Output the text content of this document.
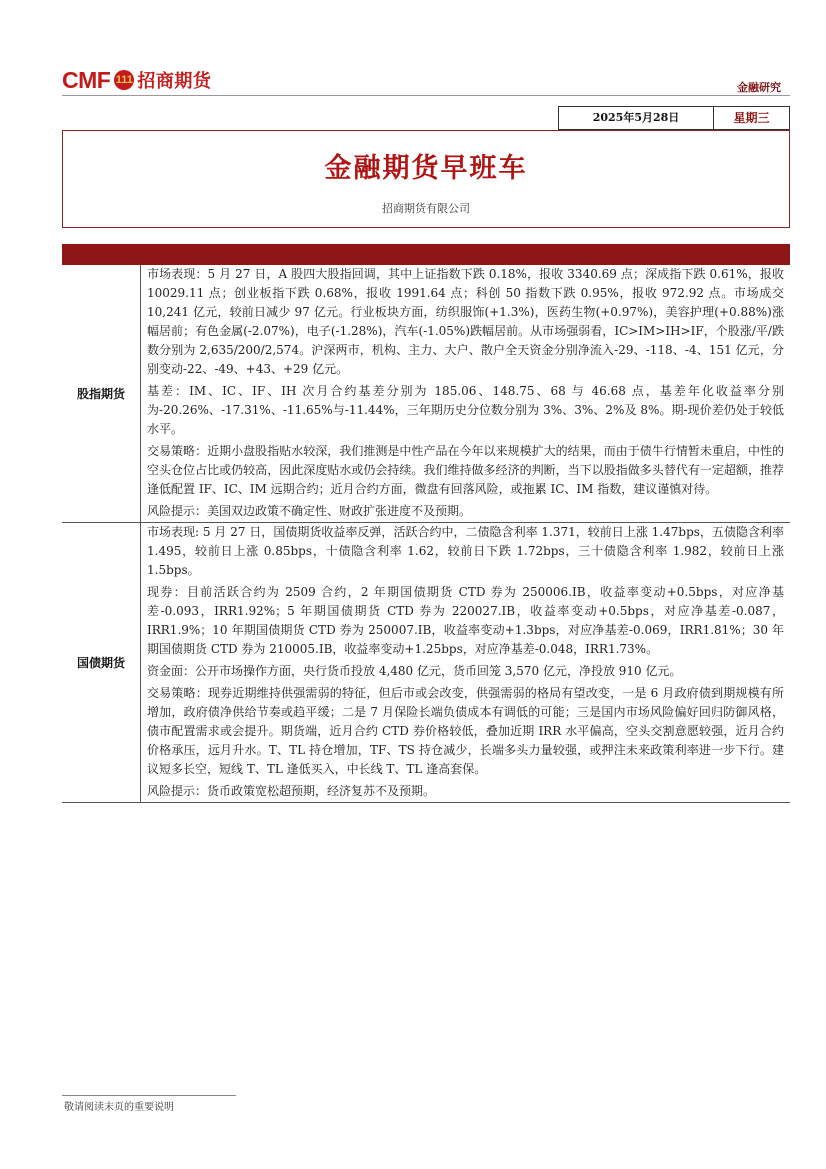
CMF 111 招商期货	金融研究
2025年5月28日	星期三
金融期货早班车
招商期货有限公司
股指期货

市场表现：5 月 27 日，A 股四大股指回调，其中上证指数下跌 0.18%，报收 3340.69 点；深成指下跌 0.61%，报收 10029.11 点；创业板指下跌 0.68%，报收 1991.64 点；科创 50 指数下跌 0.95%，报收 972.92 点。市场成交 10,241 亿元，较前日减少 97 亿元。行业板块方面，纺织服饰(+1.3%)，医药生物(+0.97%)，美容护理(+0.88%)涨幅居前；有色金属(-2.07%)，电子(-1.28%)，汽车(-1.05%)跌幅居前。从市场强弱看，IC>IM>IH>IF，个股涨/平/跌数分别为 2,635/200/2,574。沪深两市，机构、主力、大户、散户全天资金分别净流入-29、-118、-4、151 亿元，分别变动-22、-49、+43、+29 亿元。

基差：IM、IC、IF、IH 次月合约基差分别为 185.06、148.75、68 与 46.68 点，基差年化收益率分别为-20.26%、-17.31%、-11.65%与-11.44%，三年期历史分位数分别为 3%、3%、2%及 8%。期-现价差仍处于较低水平。

交易策略：近期小盘股指贴水较深，我们推测是中性产品在今年以来规模扩大的结果，而由于债牛行情暂未重启，中性的空头仓位占比或仍较高，因此深度贴水或仍会持续。我们维持做多经济的判断，当下以股指做多头替代有一定超额，推荐逢低配置 IF、IC、IM 远期合约；近月合约方面，微盘有回落风险，或拖累 IC、IM 指数，建议谨慎对待。

风险提示：美国双边政策不确定性、财政扩张进度不及预期。

国债期货

市场表现: 5 月 27 日，国债期货收益率反弹，活跃合约中，二债隐含利率 1.371，较前日上涨 1.47bps，五债隐含利率 1.495，较前日上涨 0.85bps，十债隐含利率 1.62，较前日下跌 1.72bps，三十债隐含利率 1.982，较前日上涨 1.5bps。

现券：目前活跃合约为 2509 合约，2 年期国债期货 CTD 券为 250006.IB，收益率变动+0.5bps，对应净基差-0.093，IRR1.92%；5 年期国债期货 CTD 券为 220027.IB，收益率变动+0.5bps，对应净基差-0.087，IRR1.9%；10 年期国债期货 CTD 券为 250007.IB，收益率变动+1.3bps，对应净基差-0.069，IRR1.81%；30 年期国债期货 CTD 券为 210005.IB，收益率变动+1.25bps，对应净基差-0.048，IRR1.73%。

资金面：公开市场操作方面，央行货币投放 4,480 亿元，货币回笼 3,570 亿元，净投放 910 亿元。

交易策略：现券近期维持供强需弱的特征，但后市或会改变，供强需弱的格局有望改变，一是 6 月政府债到期规模有所增加，政府债净供给节奏或趋平缓；二是 7 月保险长端负债成本有调低的可能；三是国内市场风险偏好回归防御风格，债市配置需求或会提升。期货端，近月合约 CTD 券价格较低，叠加近期 IRR 水平偏高，空头交割意愿较强，近月合约价格承压，远月升水。T、TL 持仓增加，TF、TS 持仓减少，长端多头力量较强，或押注未来政策利率进一步下行。建议短多长空，短线 T、TL 逢低买入，中长线 T、TL 逢高套保。

风险提示：货币政策宽松超预期，经济复苏不及预期。

敬请阅读末页的重要说明
